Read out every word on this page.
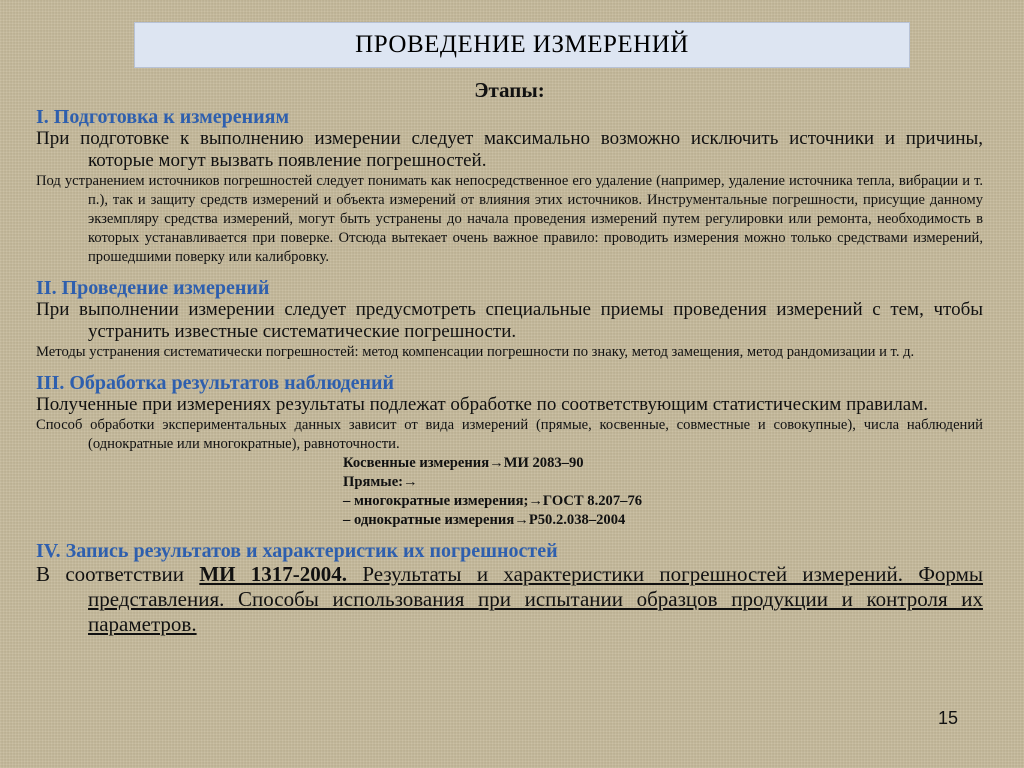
ПРОВЕДЕНИЕ ИЗМЕРЕНИЙ
Этапы:
I. Подготовка к измерениям
При подготовке к выполнению измерении следует максимально возможно исключить источники и причины, которые могут вызвать появление погрешностей.
Под устранением источников погрешностей следует понимать как непосредственное его удаление (например, удаление источника тепла, вибрации и т. п.), так и защиту средств измерений и объекта измерений от влияния этих источников. Инструментальные погрешности, присущие данному экземпляру средства измерений, могут быть устранены до начала проведения измерений путем регулировки или ремонта, необходимость в которых устанавливается при поверке. Отсюда вытекает очень важное правило: проводить измерения можно только средствами измерений, прошедшими поверку или калибровку.
II. Проведение измерений
При выполнении измерении следует предусмотреть специальные приемы проведения измерений с тем, чтобы устранить известные систематические погрешности.
Методы устранения систематически погрешностей: метод компенсации погрешности по знаку, метод замещения, метод рандомизации и т. д.
III. Обработка результатов наблюдений
Полученные при измерениях результаты подлежат обработке по соответствующим статистическим правилам.
Способ обработки экспериментальных данных зависит от вида измерений (прямые, косвенные, совместные и совокупные), числа наблюдений (однократные или многократные), равноточности.
Косвенные измерения→МИ 2083–90
Прямые:→
– многократные измерения;→ГОСТ 8.207–76
– однократные измерения→Р50.2.038–2004
IV. Запись результатов и характеристик их погрешностей
В соответствии МИ 1317-2004. Результаты и характеристики погрешностей измерений. Формы представления. Способы использования при испытании образцов продукции и контроля их параметров.
15
